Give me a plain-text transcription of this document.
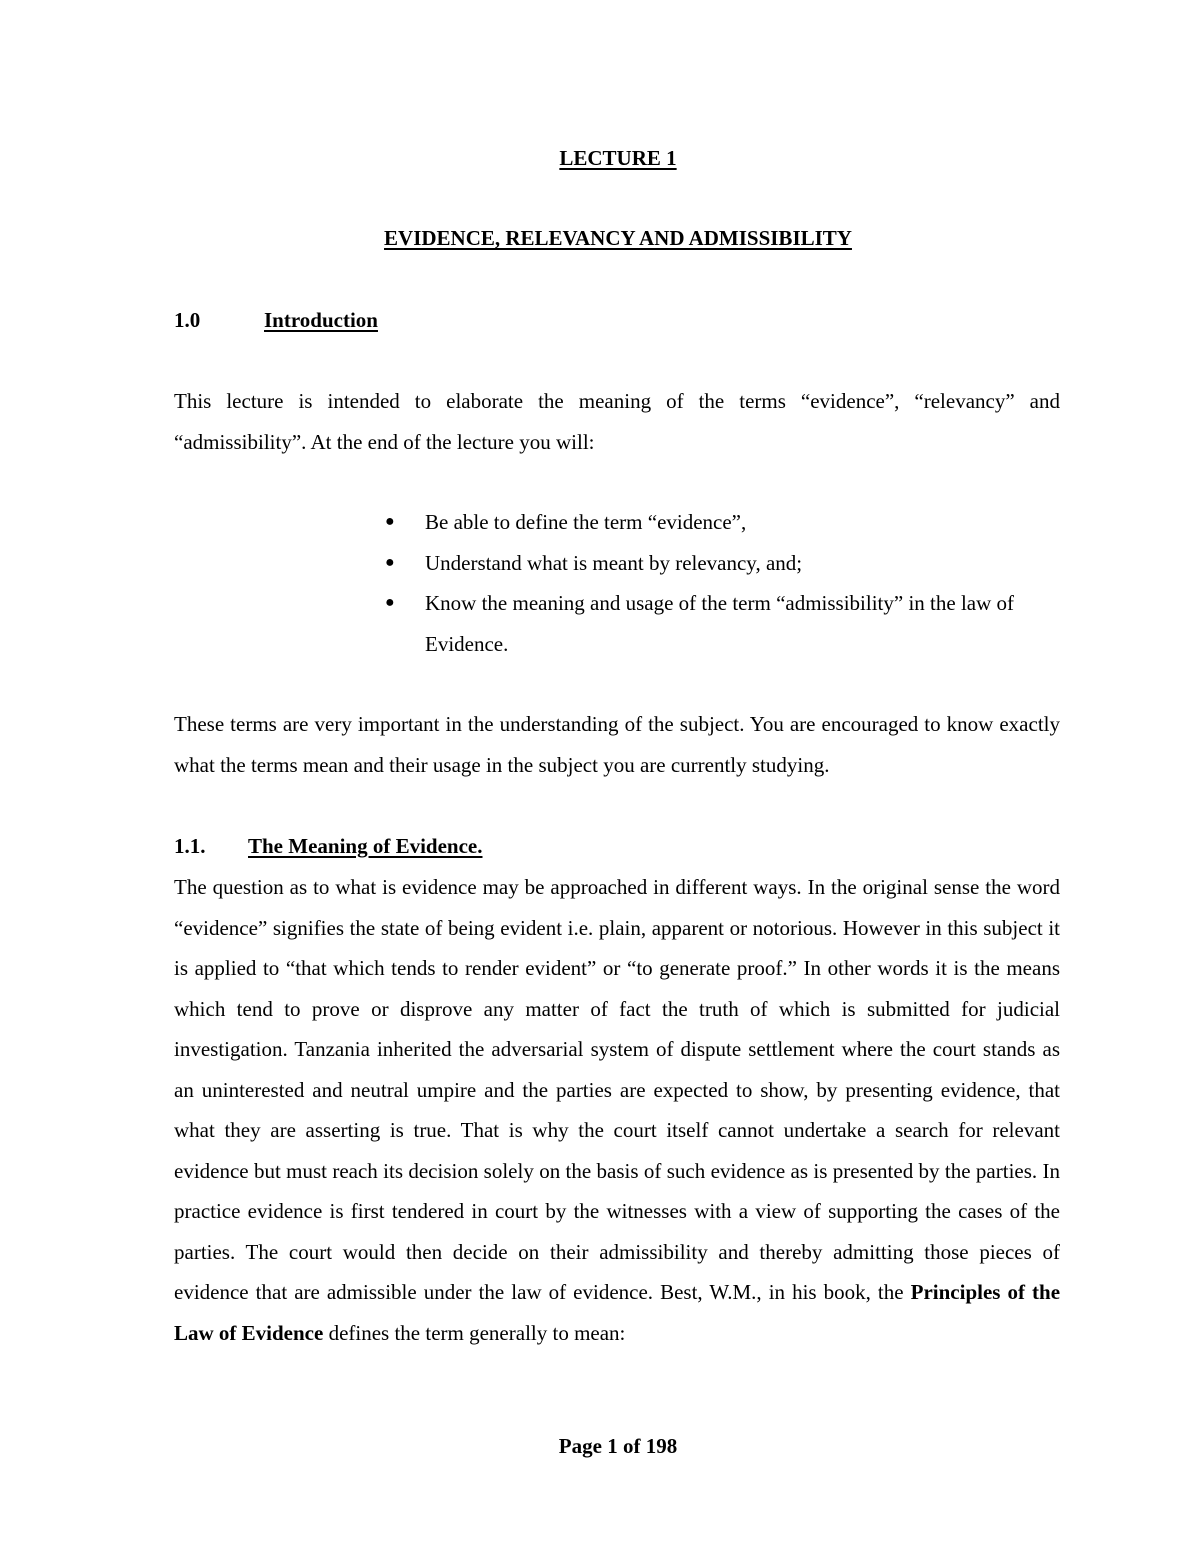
LECTURE 1
EVIDENCE, RELEVANCY AND ADMISSIBILITY
1.0	Introduction
This lecture is intended to elaborate the meaning of the terms “evidence”, “relevancy” and “admissibility”. At the end of the lecture you will:
● Be able to define the term “evidence”,
● Understand what is meant by relevancy, and;
● Know the meaning and usage of the term “admissibility” in the law of Evidence.
These terms are very important in the understanding of the subject. You are encouraged to know exactly what the terms mean and their usage in the subject you are currently studying.
1.1. The Meaning of Evidence.
The question as to what is evidence may be approached in different ways. In the original sense the word “evidence” signifies the state of being evident i.e. plain, apparent or notorious. However in this subject it is applied to “that which tends to render evident” or “to generate proof.” In other words it is the means which tend to prove or disprove any matter of fact the truth of which is submitted for judicial investigation. Tanzania inherited the adversarial system of dispute settlement where the court stands as an uninterested and neutral umpire and the parties are expected to show, by presenting evidence, that what they are asserting is true. That is why the court itself cannot undertake a search for relevant evidence but must reach its decision solely on the basis of such evidence as is presented by the parties. In practice evidence is first tendered in court by the witnesses with a view of supporting the cases of the parties. The court would then decide on their admissibility and thereby admitting those pieces of evidence that are admissible under the law of evidence. Best, W.M., in his book, the Principles of the Law of Evidence defines the term generally to mean:
Page 1 of 198
